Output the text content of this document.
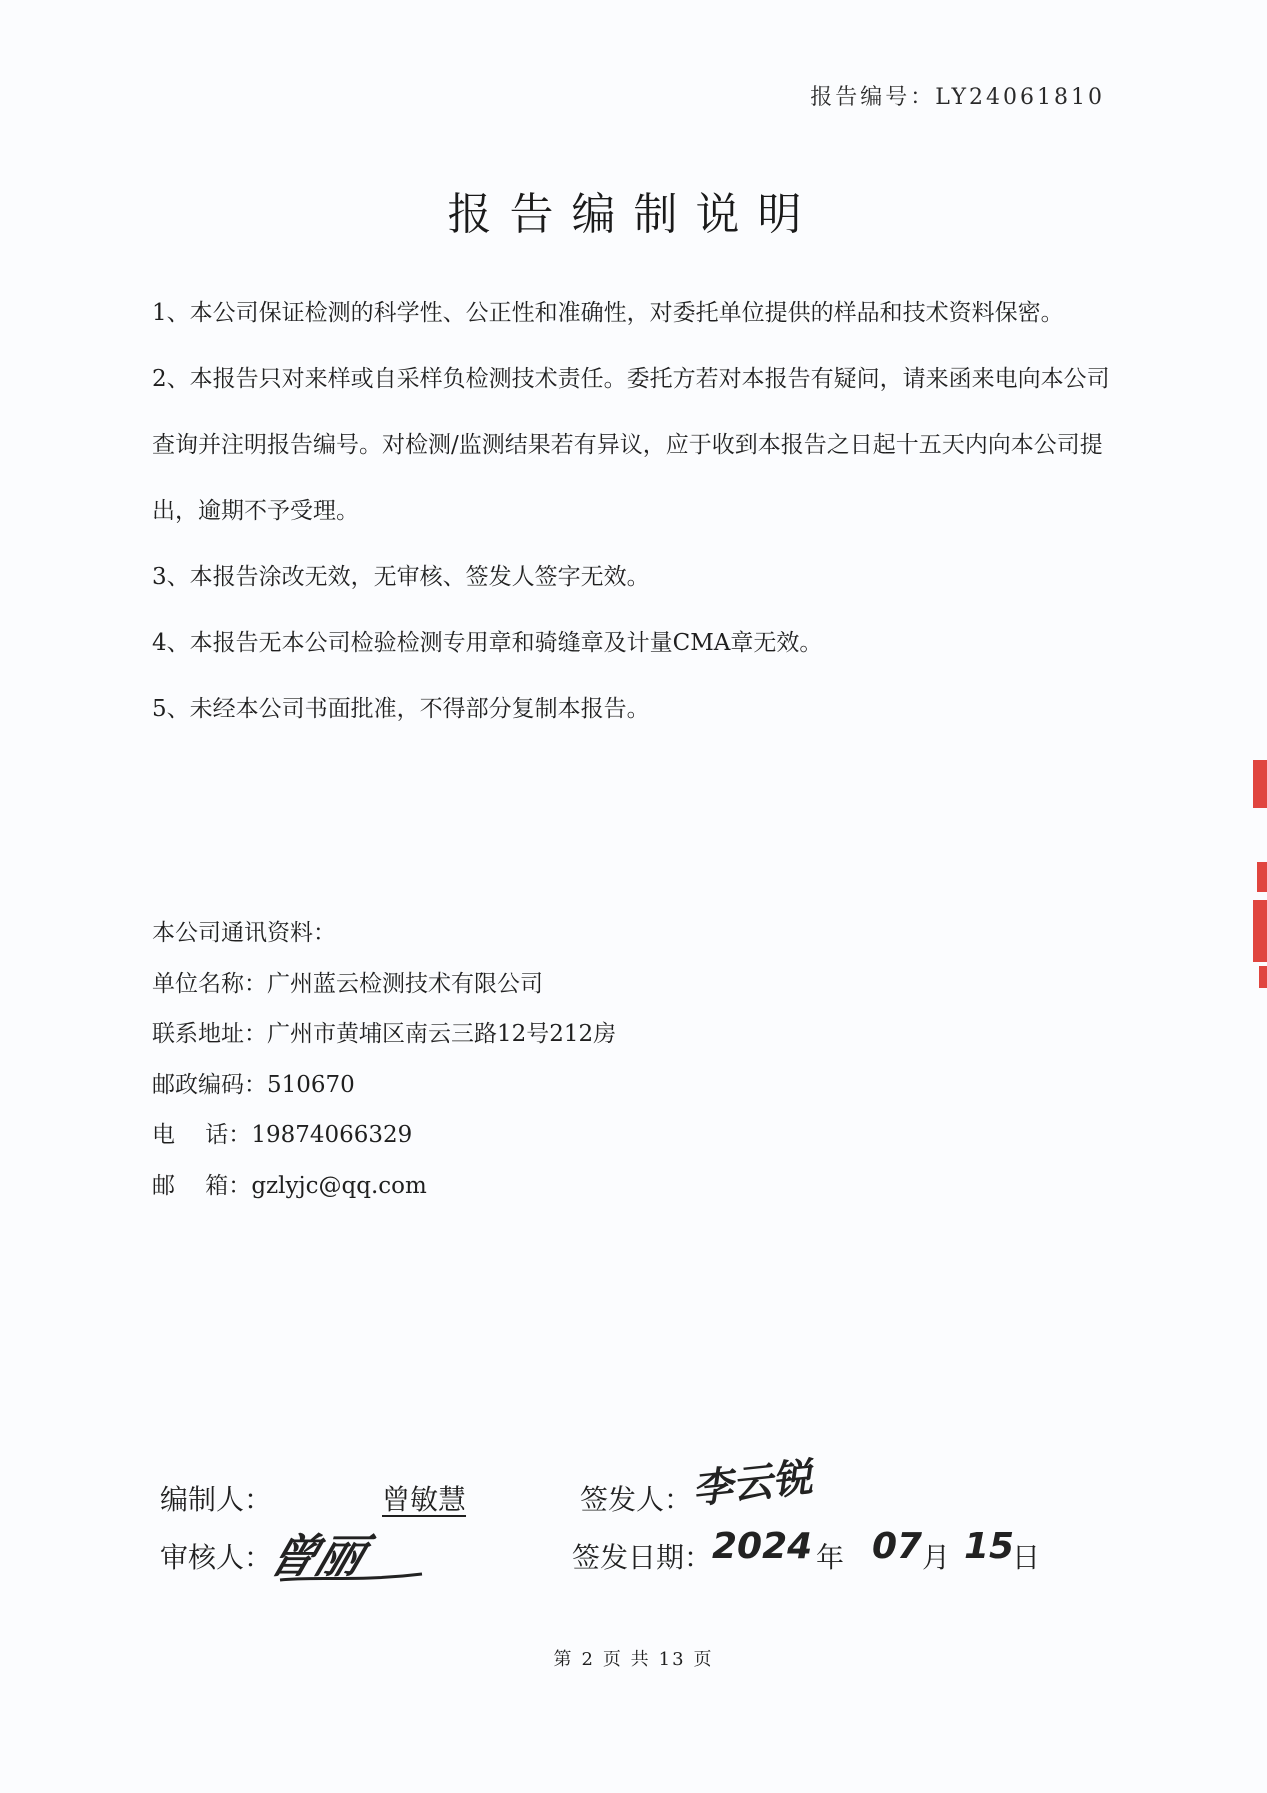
报告编号：LY24061810
报告编制说明

1、本公司保证检测的科学性、公正性和准确性，对委托单位提供的样品和技术资料保密。

2、本报告只对来样或自采样负检测技术责任。委托方若对本报告有疑问，请来函来电向本公司查询并注明报告编号。对检测/监测结果若有异议，应于收到本报告之日起十五天内向本公司提出，逾期不予受理。

3、本报告涂改无效，无审核、签发人签字无效。

4、本报告无本公司检验检测专用章和骑缝章及计量CMA章无效。

5、未经本公司书面批准，不得部分复制本报告。

本公司通讯资料：
单位名称：广州蓝云检测技术有限公司
联系地址：广州市黄埔区南云三路12号212房
邮政编码：510670
电　 话：19874066329
邮　 箱：gzlyjc@qq.com
编制人：	曾敏慧	签发人：
李云锐
审核人：
曾丽	签发日期： 2024 年 07 月 15
日
第 2 页 共 13 页
